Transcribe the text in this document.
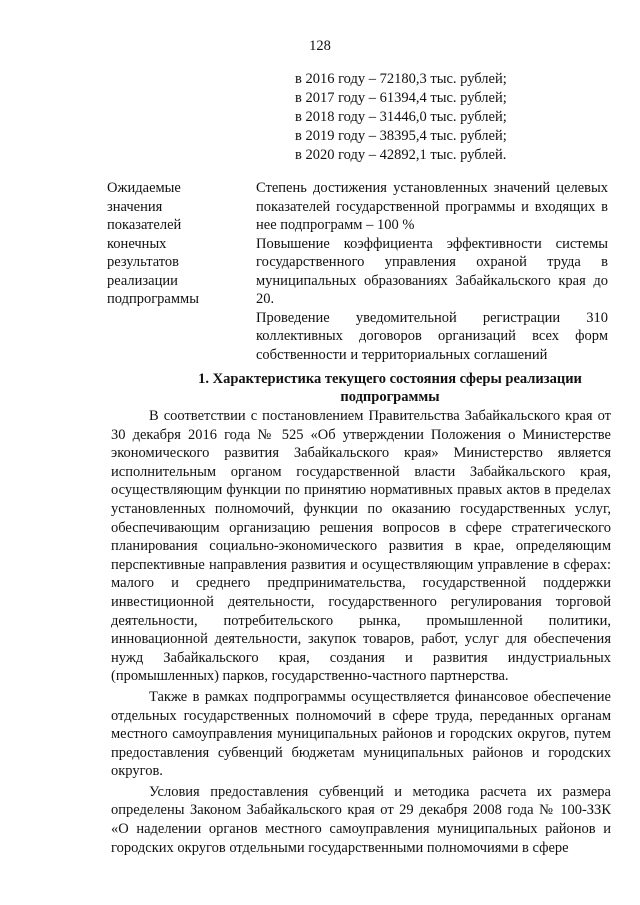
128
в 2016 году – 72180,3 тыс. рублей;
в 2017 году – 61394,4 тыс. рублей;
в 2018 году – 31446,0 тыс. рублей;
в 2019 году – 38395,4 тыс. рублей;
в 2020 году – 42892,1 тыс. рублей.
Ожидаемые
значения
показателей
конечных
результатов
реализации
подпрограммы

Степень достижения установленных значений целевых показателей государственной программы и входящих в нее подпрограмм – 100 %

Повышение коэффициента эффективности системы государственного управления охраной труда в муниципальных образованиях Забайкальского края до 20.

Проведение уведомительной регистрации 310 коллективных договоров организаций всех форм собственности и территориальных соглашений

1. Характеристика текущего состояния сферы реализации
подпрограммы

В соответствии с постановлением Правительства Забайкальского края от 30 декабря 2016 года № 525 «Об утверждении Положения о Министерстве экономического развития Забайкальского края» Министерство является исполнительным органом государственной власти Забайкальского края, осуществляющим функции по принятию нормативных правых актов в пределах установленных полномочий, функции по оказанию государственных услуг, обеспечивающим организацию решения вопросов в сфере стратегического планирования социально-экономического развития в крае, определяющим перспективные направления развития и осуществляющим управление в сферах: малого и среднего предпринимательства, государственной поддержки инвестиционной деятельности, государственного регулирования торговой деятельности, потребительского рынка, промышленной политики, инновационной деятельности, закупок товаров, работ, услуг для обеспечения нужд Забайкальского края, создания и развития индустриальных (промышленных) парков, государственно-частного партнерства.

Также в рамках подпрограммы осуществляется финансовое обеспечение отдельных государственных полномочий в сфере труда, переданных органам местного самоуправления муниципальных районов и городских округов, путем предоставления субвенций бюджетам муниципальных районов и городских округов.

Условия предоставления субвенций и методика расчета их размера определены Законом Забайкальского края от 29 декабря 2008 года № 100-ЗЗК «О наделении органов местного самоуправления муниципальных районов и городских округов отдельными государственными полномочиями в сфере
